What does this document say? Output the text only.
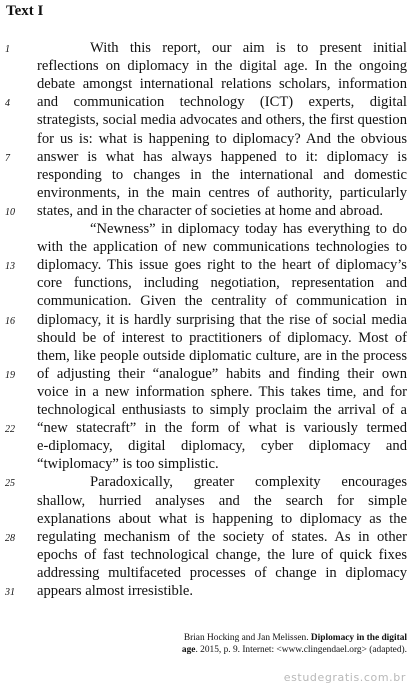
Text I
With this report, our aim is to present initial
reflections on diplomacy in the digital age. In the ongoing
debate amongst international relations scholars, information
and communication technology (ICT) experts, digital
strategists, social media advocates and others, the first question
for us is: what is happening to diplomacy? And the obvious
answer is what has always happened to it: diplomacy is
responding to changes in the international and domestic
environments, in the main centres of authority, particularly
states, and in the character of societies at home and abroad.
“Newness” in diplomacy today has everything to do
with the application of new communications technologies to
diplomacy. This issue goes right to the heart of diplomacy’s
core functions, including negotiation, representation and
communication. Given the centrality of communication in
diplomacy, it is hardly surprising that the rise of social media
should be of interest to practitioners of diplomacy. Most of
them, like people outside diplomatic culture, are in the process
of adjusting their “analogue” habits and finding their own
voice in a new information sphere. This takes time, and for
technological enthusiasts to simply proclaim the arrival of a
“new statecraft” in the form of what is variously termed
e-diplomacy, digital diplomacy, cyber diplomacy and
“twiplomacy” is too simplistic.
Paradoxically, greater complexity encourages
shallow, hurried analyses and the search for simple
explanations about what is happening to diplomacy as the
regulating mechanism of the society of states. As in other
epochs of fast technological change, the lure of quick fixes
addressing multifaceted processes of change in diplomacy
appears almost irresistible.
1
4
7
10
13
16
19
22
25
28
31
Brian Hocking and Jan Melissen. Diplomacy in the digital
age. 2015, p. 9. Internet: <www.clingendael.org> (adapted).
estudegratis.com.br
